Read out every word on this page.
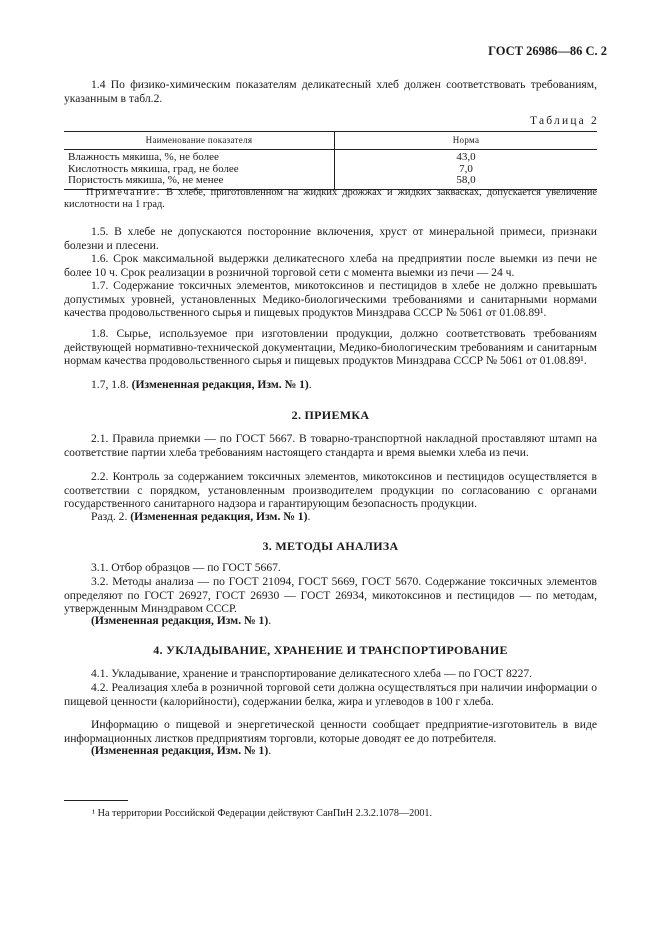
ГОСТ 26986—86 С. 2
1.4 По физико-химическим показателям деликатесный хлеб должен соответствовать требованиям, указанным в табл.2.
Таблица 2
Наименование показателя	Норма
Влажность мякиша, %, не более	43,0
Кислотность мякиша, град, не более	7,0
Пористость мякиша, %, не менее	58,0
Примечание. В хлебе, приготовленном на жидких дрожжах и жидких заквасках, допускается увеличение кислотности на 1 град.
1.5. В хлебе не допускаются посторонние включения, хруст от минеральной примеси, признаки болезни и плесени.
1.6. Срок максимальной выдержки деликатесного хлеба на предприятии после выемки из печи не более 10 ч. Срок реализации в розничной торговой сети с момента выемки из печи — 24 ч.
1.7. Содержание токсичных элементов, микотоксинов и пестицидов в хлебе не должно превышать допустимых уровней, установленных Медико-биологическими требованиями и санитарными нормами качества продовольственного сырья и пищевых продуктов Минздрава СССР № 5061 от 01.08.89¹.
1.8. Сырье, используемое при изготовлении продукции, должно соответствовать требованиям действующей нормативно-технической документации, Медико-биологическим требованиям и санитарным нормам качества продовольственного сырья и пищевых продуктов Минздрава СССР № 5061 от 01.08.89¹.
1.7, 1.8. (Измененная редакция, Изм. № 1).
2. ПРИЕМКА
2.1. Правила приемки — по ГОСТ 5667. В товарно-транспортной накладной проставляют штамп на соответствие партии хлеба требованиям настоящего стандарта и время выемки хлеба из печи.
2.2. Контроль за содержанием токсичных элементов, микотоксинов и пестицидов осуществляется в соответствии с порядком, установленным производителем продукции по согласованию с органами государственного санитарного надзора и гарантирующим безопасность продукции.
Разд. 2. (Измененная редакция, Изм. № 1).
3. МЕТОДЫ АНАЛИЗА
3.1. Отбор образцов — по ГОСТ 5667.
3.2. Методы анализа — по ГОСТ 21094, ГОСТ 5669, ГОСТ 5670. Содержание токсичных элементов определяют по ГОСТ 26927, ГОСТ 26930 — ГОСТ 26934, микотоксинов и пестицидов — по методам, утвержденным Минздравом СССР.
(Измененная редакция, Изм. № 1).
4. УКЛАДЫВАНИЕ, ХРАНЕНИЕ И ТРАНСПОРТИРОВАНИЕ
4.1. Укладывание, хранение и транспортирование деликатесного хлеба — по ГОСТ 8227.
4.2. Реализация хлеба в розничной торговой сети должна осуществляться при наличии информации о пищевой ценности (калорийности), содержании белка, жира и углеводов в 100 г хлеба.
Информацию о пищевой и энергетической ценности сообщает предприятие-изготовитель в виде информационных листков предприятиям торговли, которые доводят ее до потребителя.
(Измененная редакция, Изм. № 1).
¹ На территории Российской Федерации действуют СанПиН 2.3.2.1078—2001.
